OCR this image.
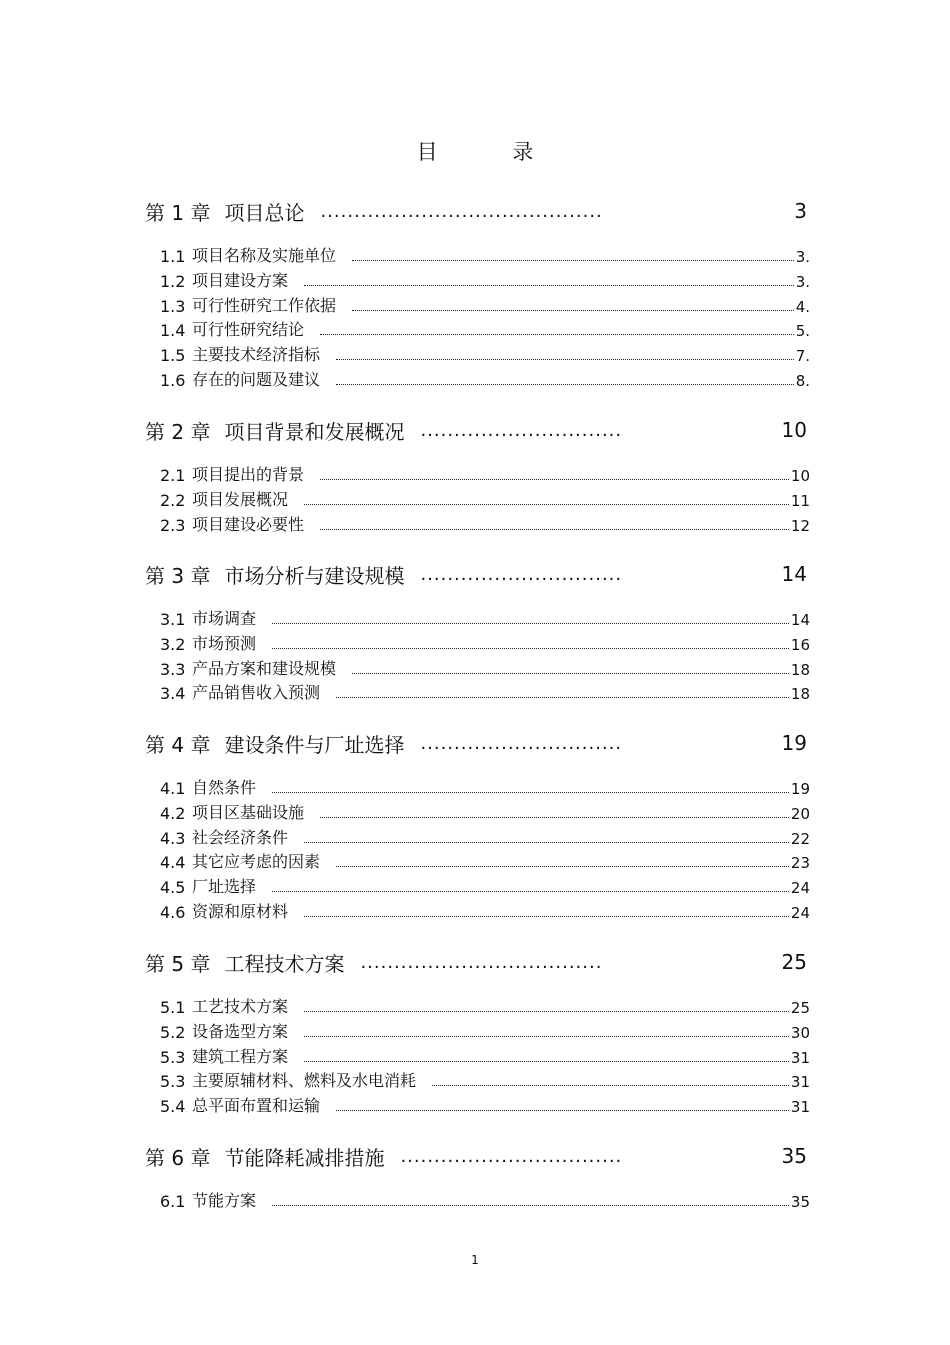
目 录
第 1 章 项目总论 ..........................................	3
1.1 项目名称及实施单位	3.
1.2 项目建设方案	3.
1.3 可行性研究工作依据	4.
1.4 可行性研究结论	5.
1.5 主要技术经济指标	7.
1.6 存在的问题及建议	8.
第 2 章 项目背景和发展概况 ..............................	10
2.1 项目提出的背景	10
2.2 项目发展概况	11
2.3 项目建设必要性	12
第 3 章 市场分析与建设规模 ..............................	14
3.1 市场调查	14
3.2 市场预测	16
3.3 产品方案和建设规模	18
3.4 产品销售收入预测	18
第 4 章 建设条件与厂址选择 ..............................	19
4.1 自然条件	19
4.2 项目区基础设施	20
4.3 社会经济条件	22
4.4 其它应考虑的因素	23
4.5 厂址选择	24
4.6 资源和原材料	24
第 5 章 工程技术方案 ....................................	25
5.1 工艺技术方案	25
5.2 设备选型方案	30
5.3 建筑工程方案	31
5.3 主要原辅材料、燃料及水电消耗	31
5.4 总平面布置和运输	31
第 6 章 节能降耗减排措施 .................................	35
6.1 节能方案	35
1
